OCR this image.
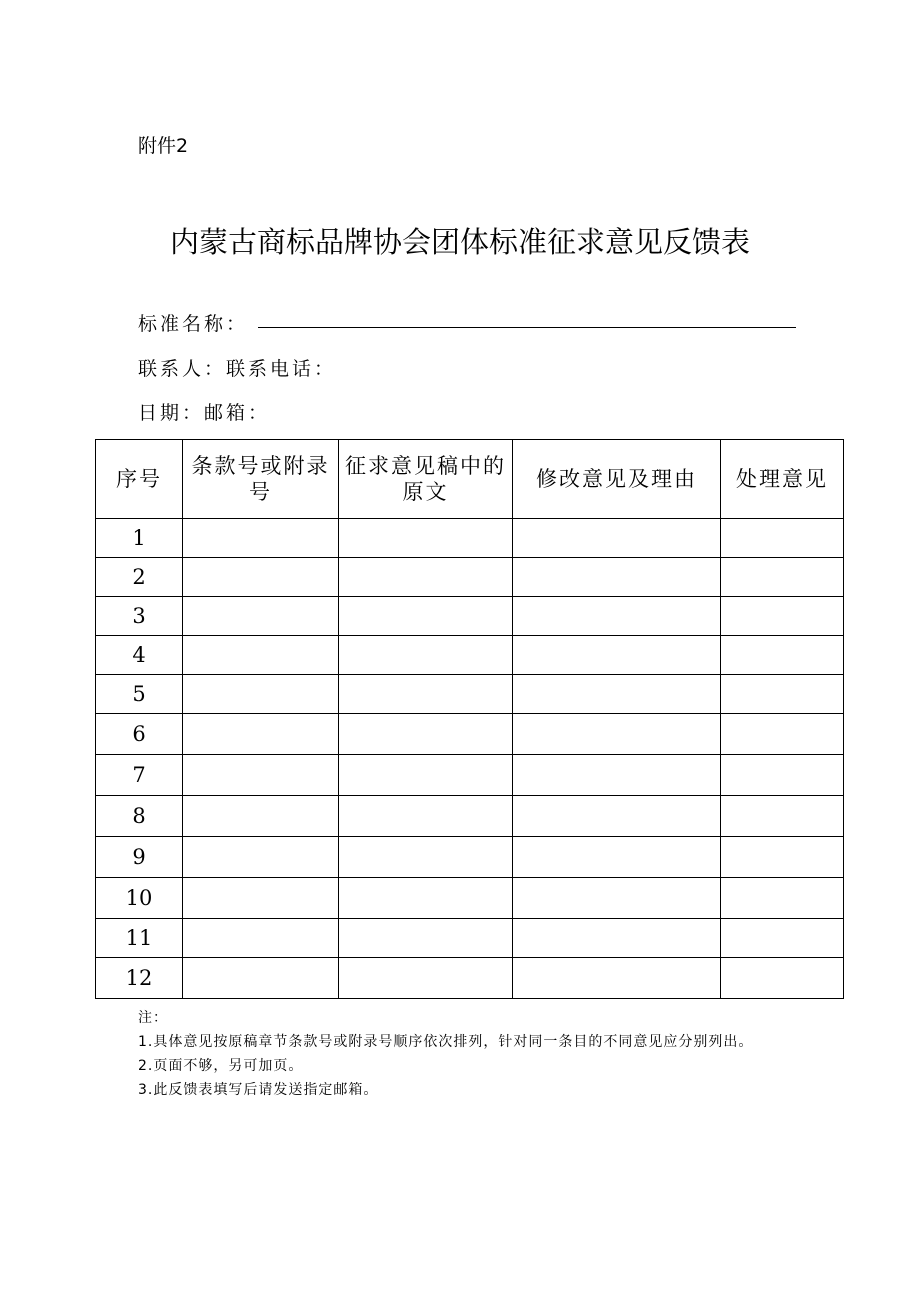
附件2
内蒙古商标品牌协会团体标准征求意见反馈表
标准名称：
联系人：联系电话：
日期：邮箱：
序号	条款号或附录号	征求意见稿中的原文	修改意见及理由	处理意见
1				
2				
3				
4				
5				
6				
7				
8				
9				
10				
11				
12				
注：
1.具体意见按原稿章节条款号或附录号顺序依次排列，针对同一条目的不同意见应分别列出。
2.页面不够，另可加页。
3.此反馈表填写后请发送指定邮箱。
